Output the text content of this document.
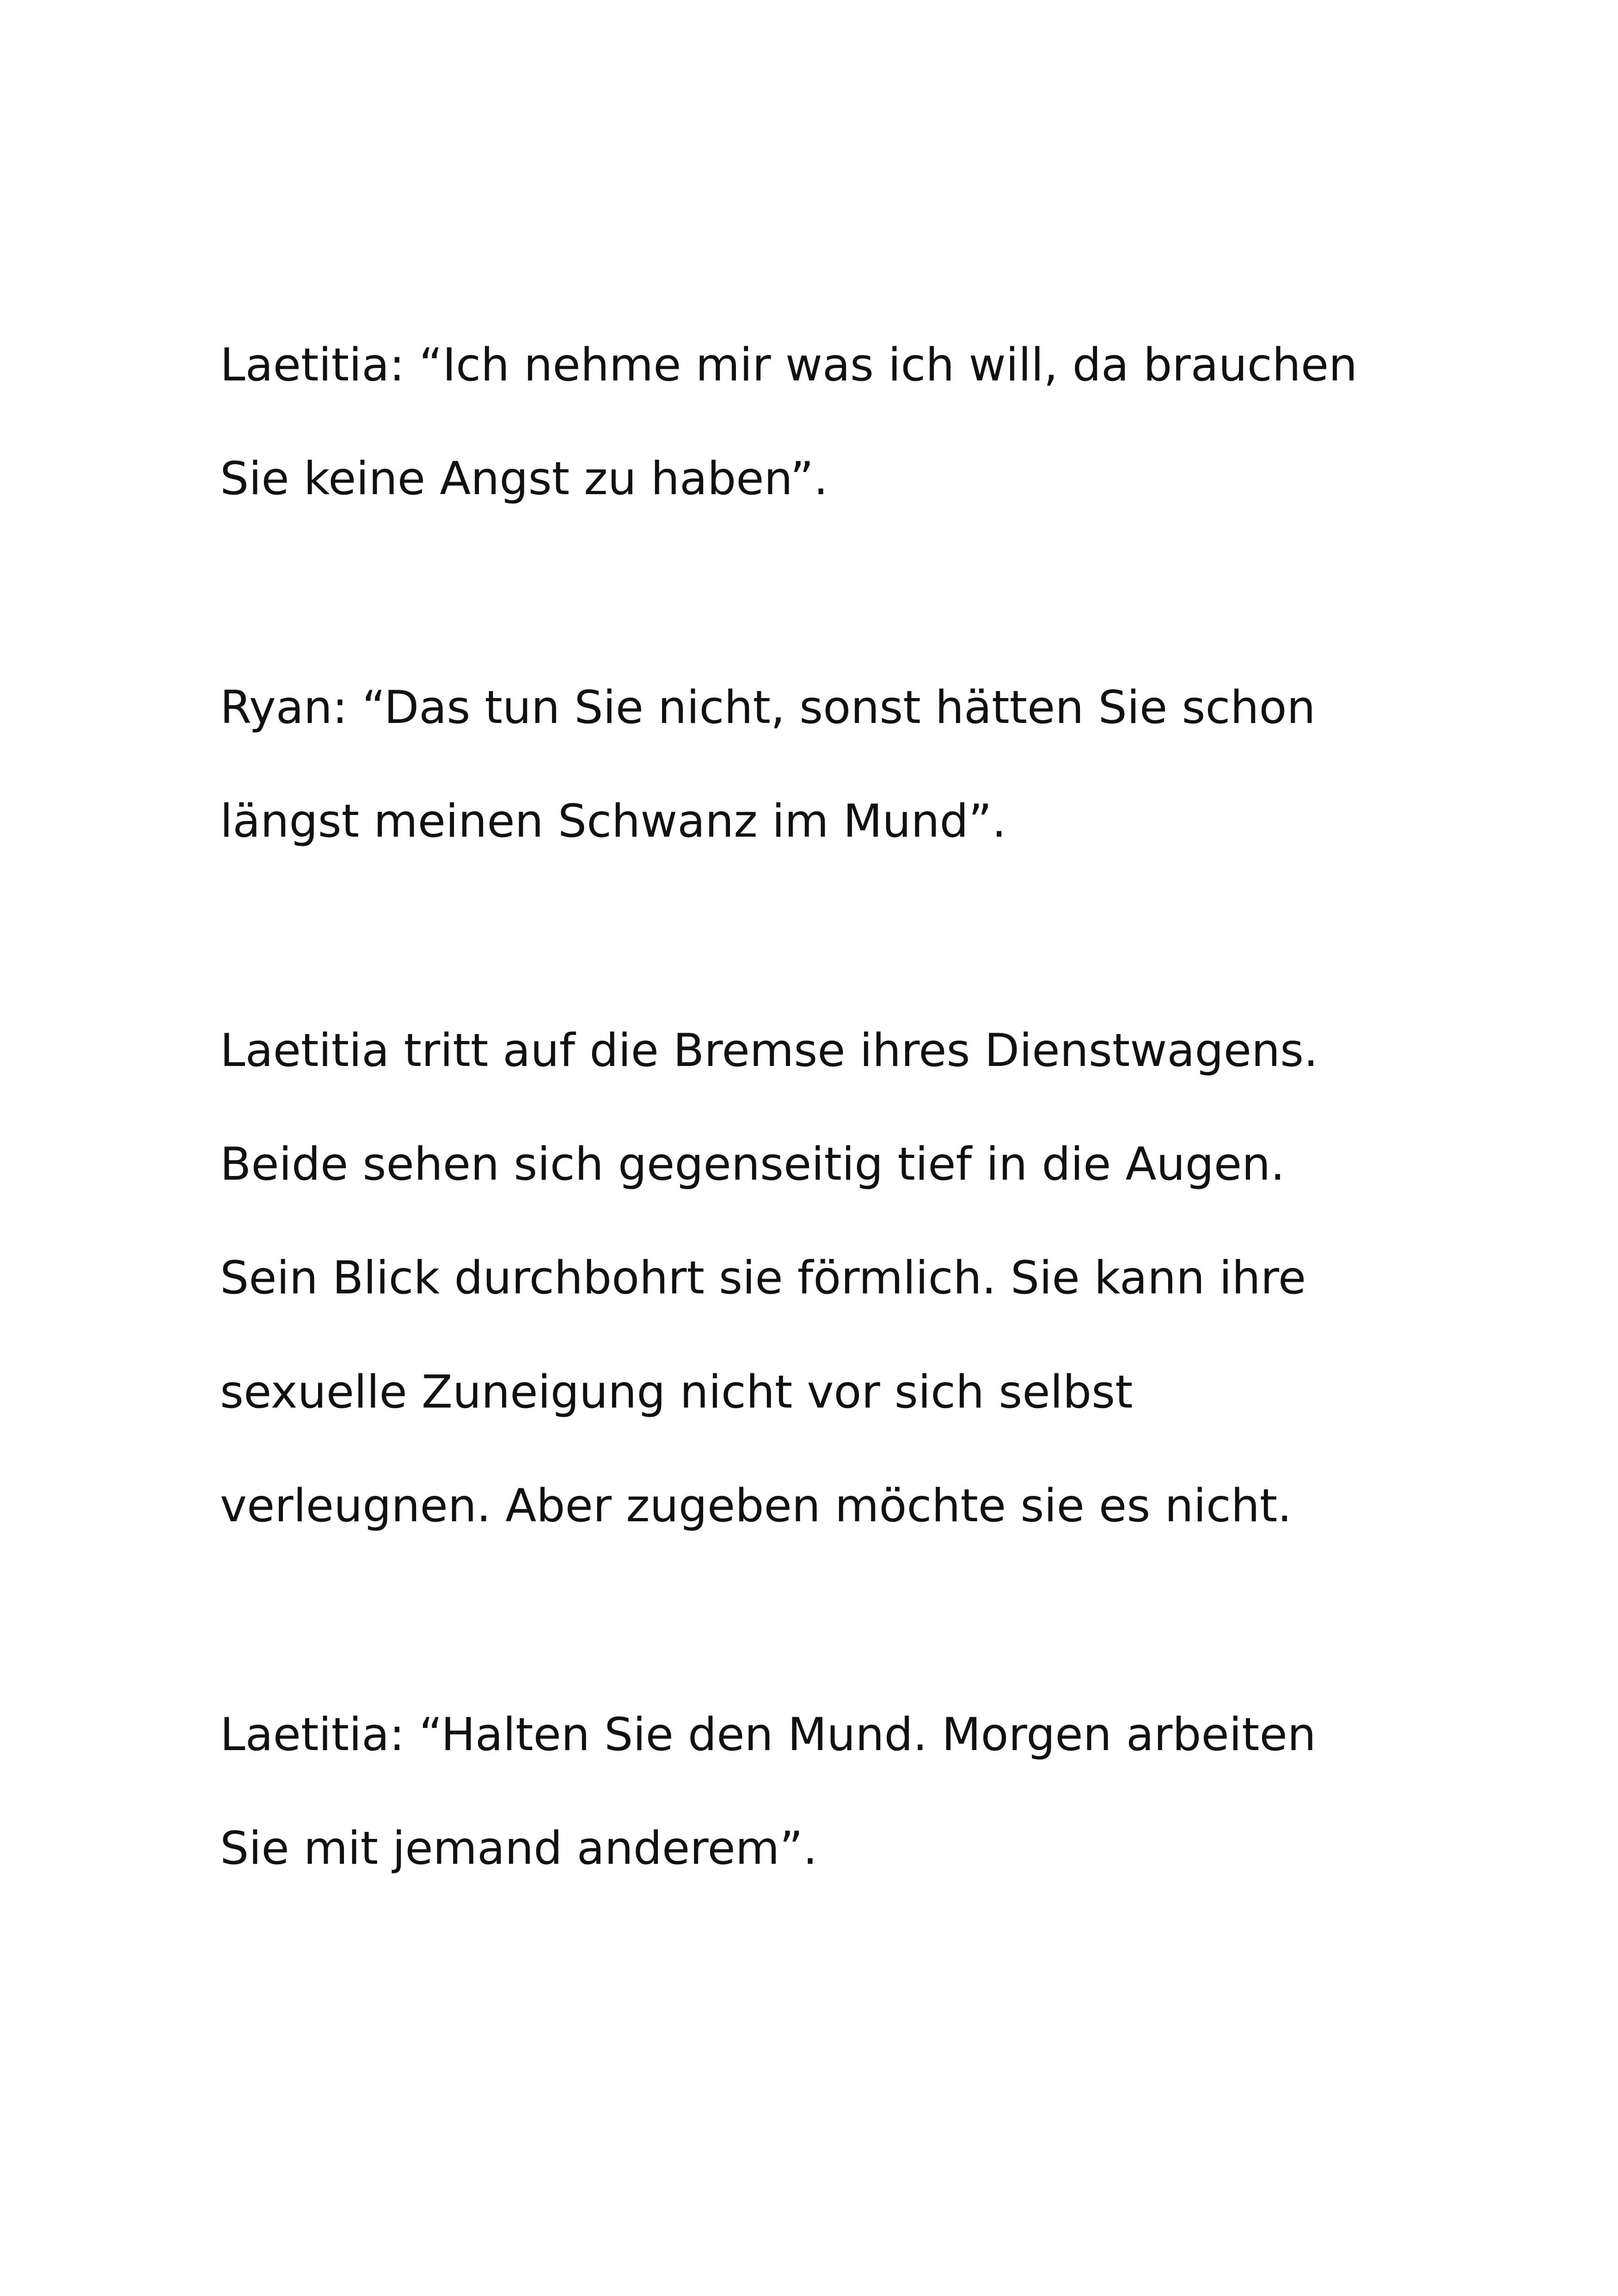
Laetitia: “Ich nehme mir was ich will, da brauchen
Sie keine Angst zu haben”.
Ryan: “Das tun Sie nicht, sonst hätten Sie schon
längst meinen Schwanz im Mund”.
Laetitia tritt auf die Bremse ihres Dienstwagens.
Beide sehen sich gegenseitig tief in die Augen.
Sein Blick durchbohrt sie förmlich. Sie kann ihre
sexuelle Zuneigung nicht vor sich selbst
verleugnen. Aber zugeben möchte sie es nicht.
Laetitia: “Halten Sie den Mund. Morgen arbeiten
Sie mit jemand anderem”.
